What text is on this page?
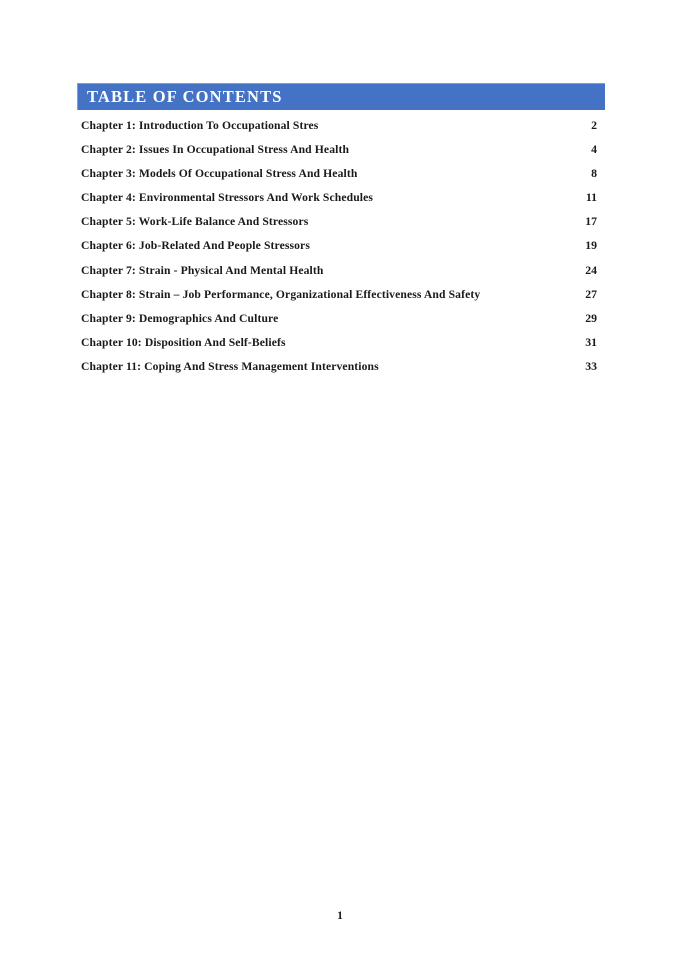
TABLE OF CONTENTS
Chapter 1: Introduction To Occupational Stres	2
Chapter 2: Issues In Occupational Stress And Health	4
Chapter 3: Models Of Occupational Stress And Health	8
Chapter 4: Environmental Stressors And Work Schedules	11
Chapter 5: Work-Life Balance And Stressors	17
Chapter 6: Job-Related And People Stressors	19
Chapter 7: Strain - Physical And Mental Health	24
Chapter 8: Strain – Job Performance, Organizational Effectiveness And Safety	27
Chapter 9: Demographics And Culture	29
Chapter 10: Disposition And Self-Beliefs	31
Chapter 11: Coping And Stress Management Interventions	33
1
